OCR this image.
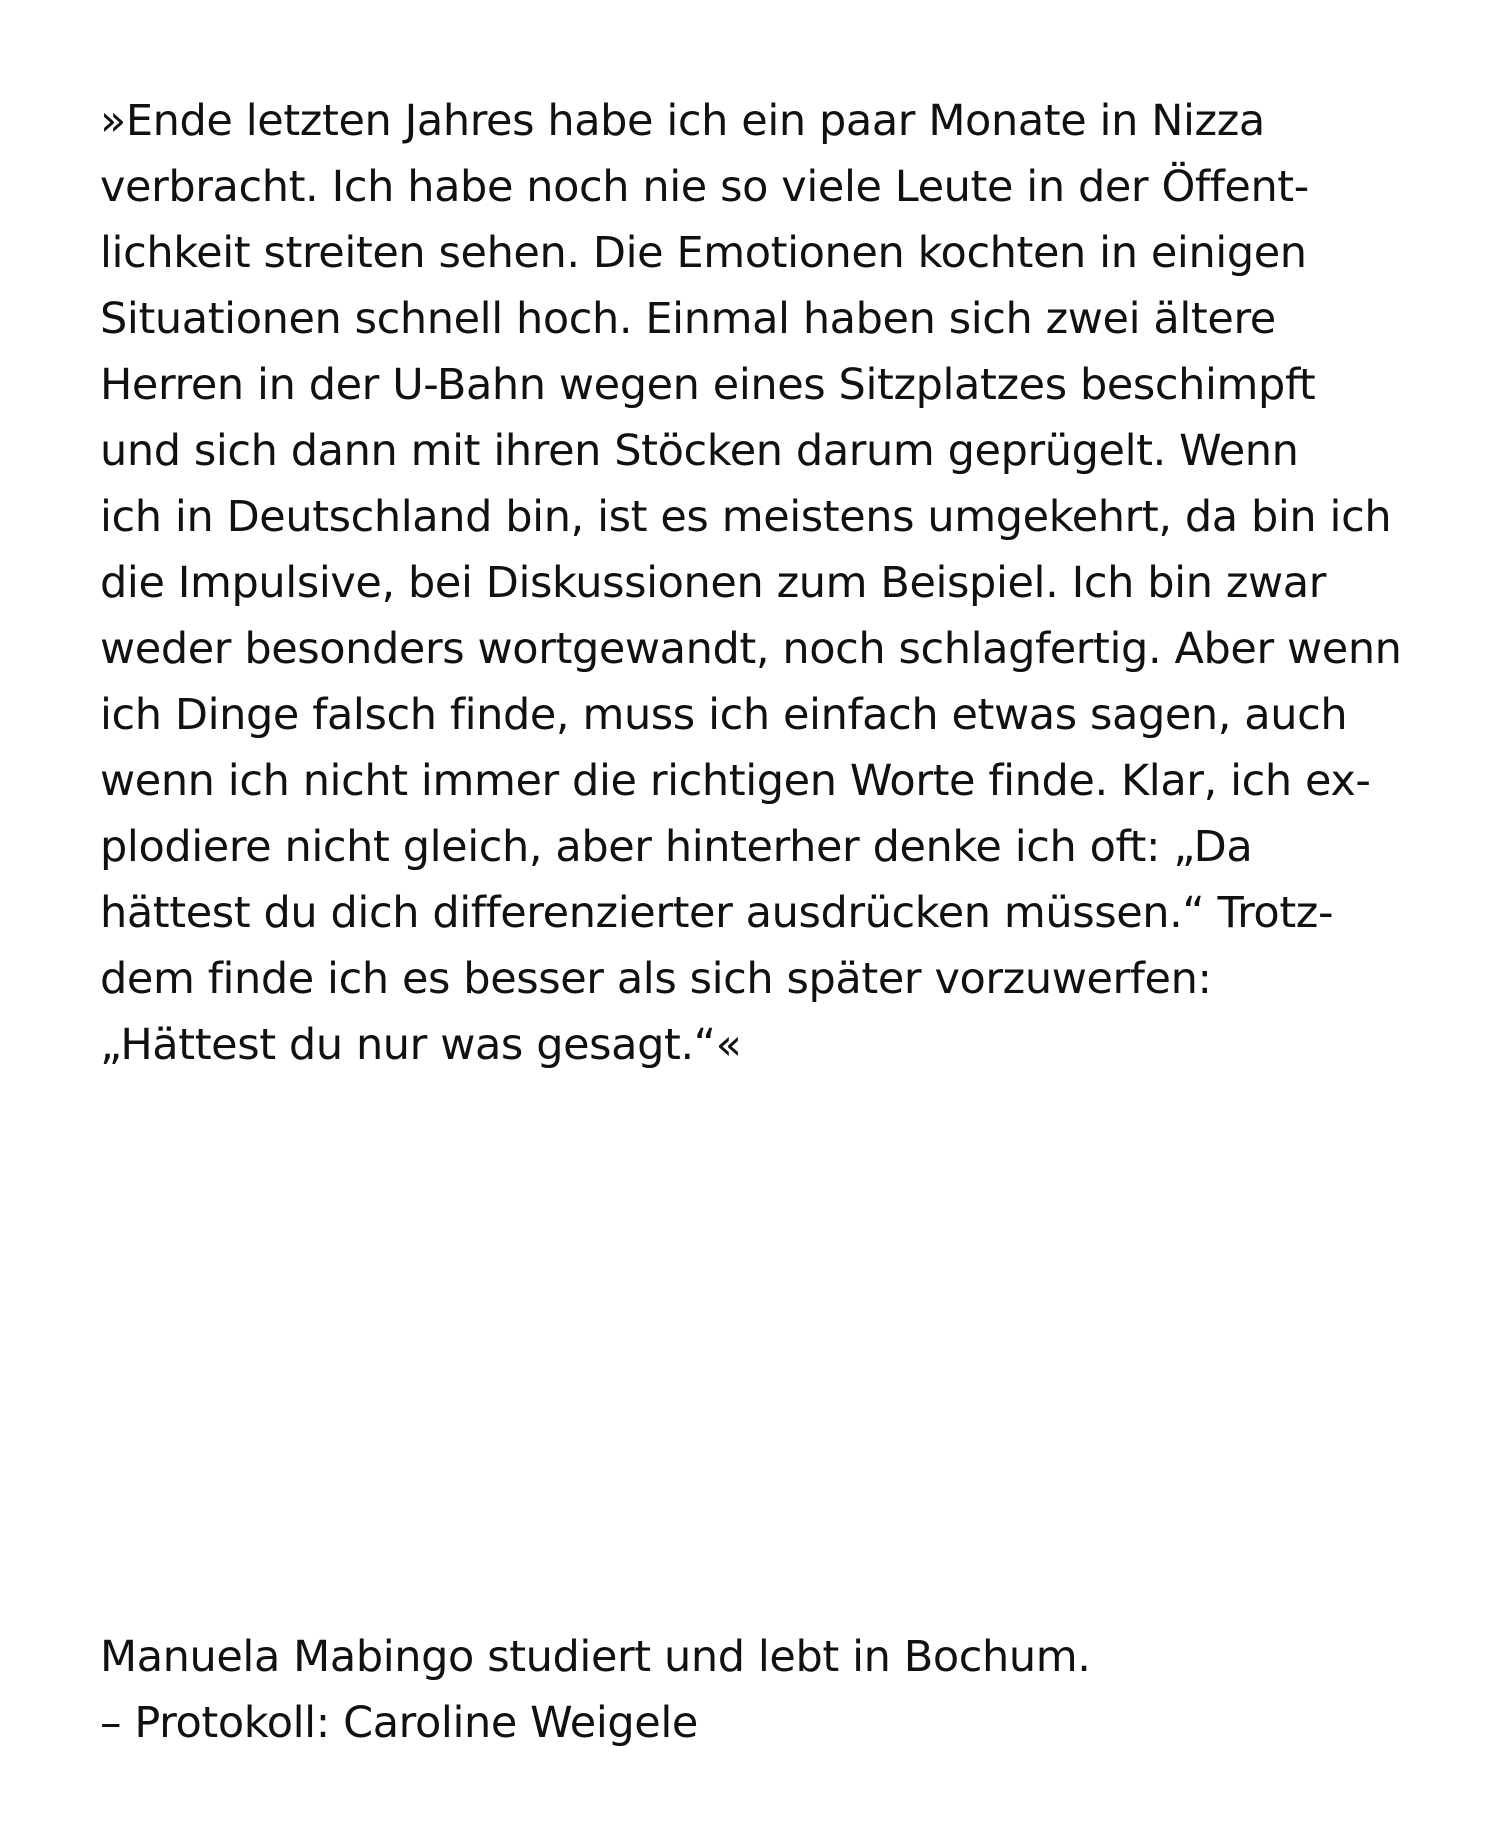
»Ende letzten Jahres habe ich ein paar Monate in Nizza
verbracht. Ich habe noch nie so viele Leute in der Öffent-
lichkeit streiten sehen. Die Emotionen kochten in einigen
Situationen schnell hoch. Einmal haben sich zwei ältere
Herren in der U-Bahn wegen eines Sitzplatzes beschimpft
und sich dann mit ihren Stöcken darum geprügelt. Wenn
ich in Deutschland bin, ist es meistens umgekehrt, da bin ich
die Impulsive, bei Diskussionen zum Beispiel. Ich bin zwar
weder besonders wortgewandt, noch schlagfertig. Aber wenn
ich Dinge falsch finde, muss ich einfach etwas sagen, auch
wenn ich nicht immer die richtigen Worte finde. Klar, ich ex-
plodiere nicht gleich, aber hinterher denke ich oft: „Da
hättest du dich differenzierter ausdrücken müssen.“ Trotz-
dem finde ich es besser als sich später vorzuwerfen:
„Hättest du nur was gesagt.“«
Manuela Mabingo studiert und lebt in Bochum.
– Protokoll: Caroline Weigele
